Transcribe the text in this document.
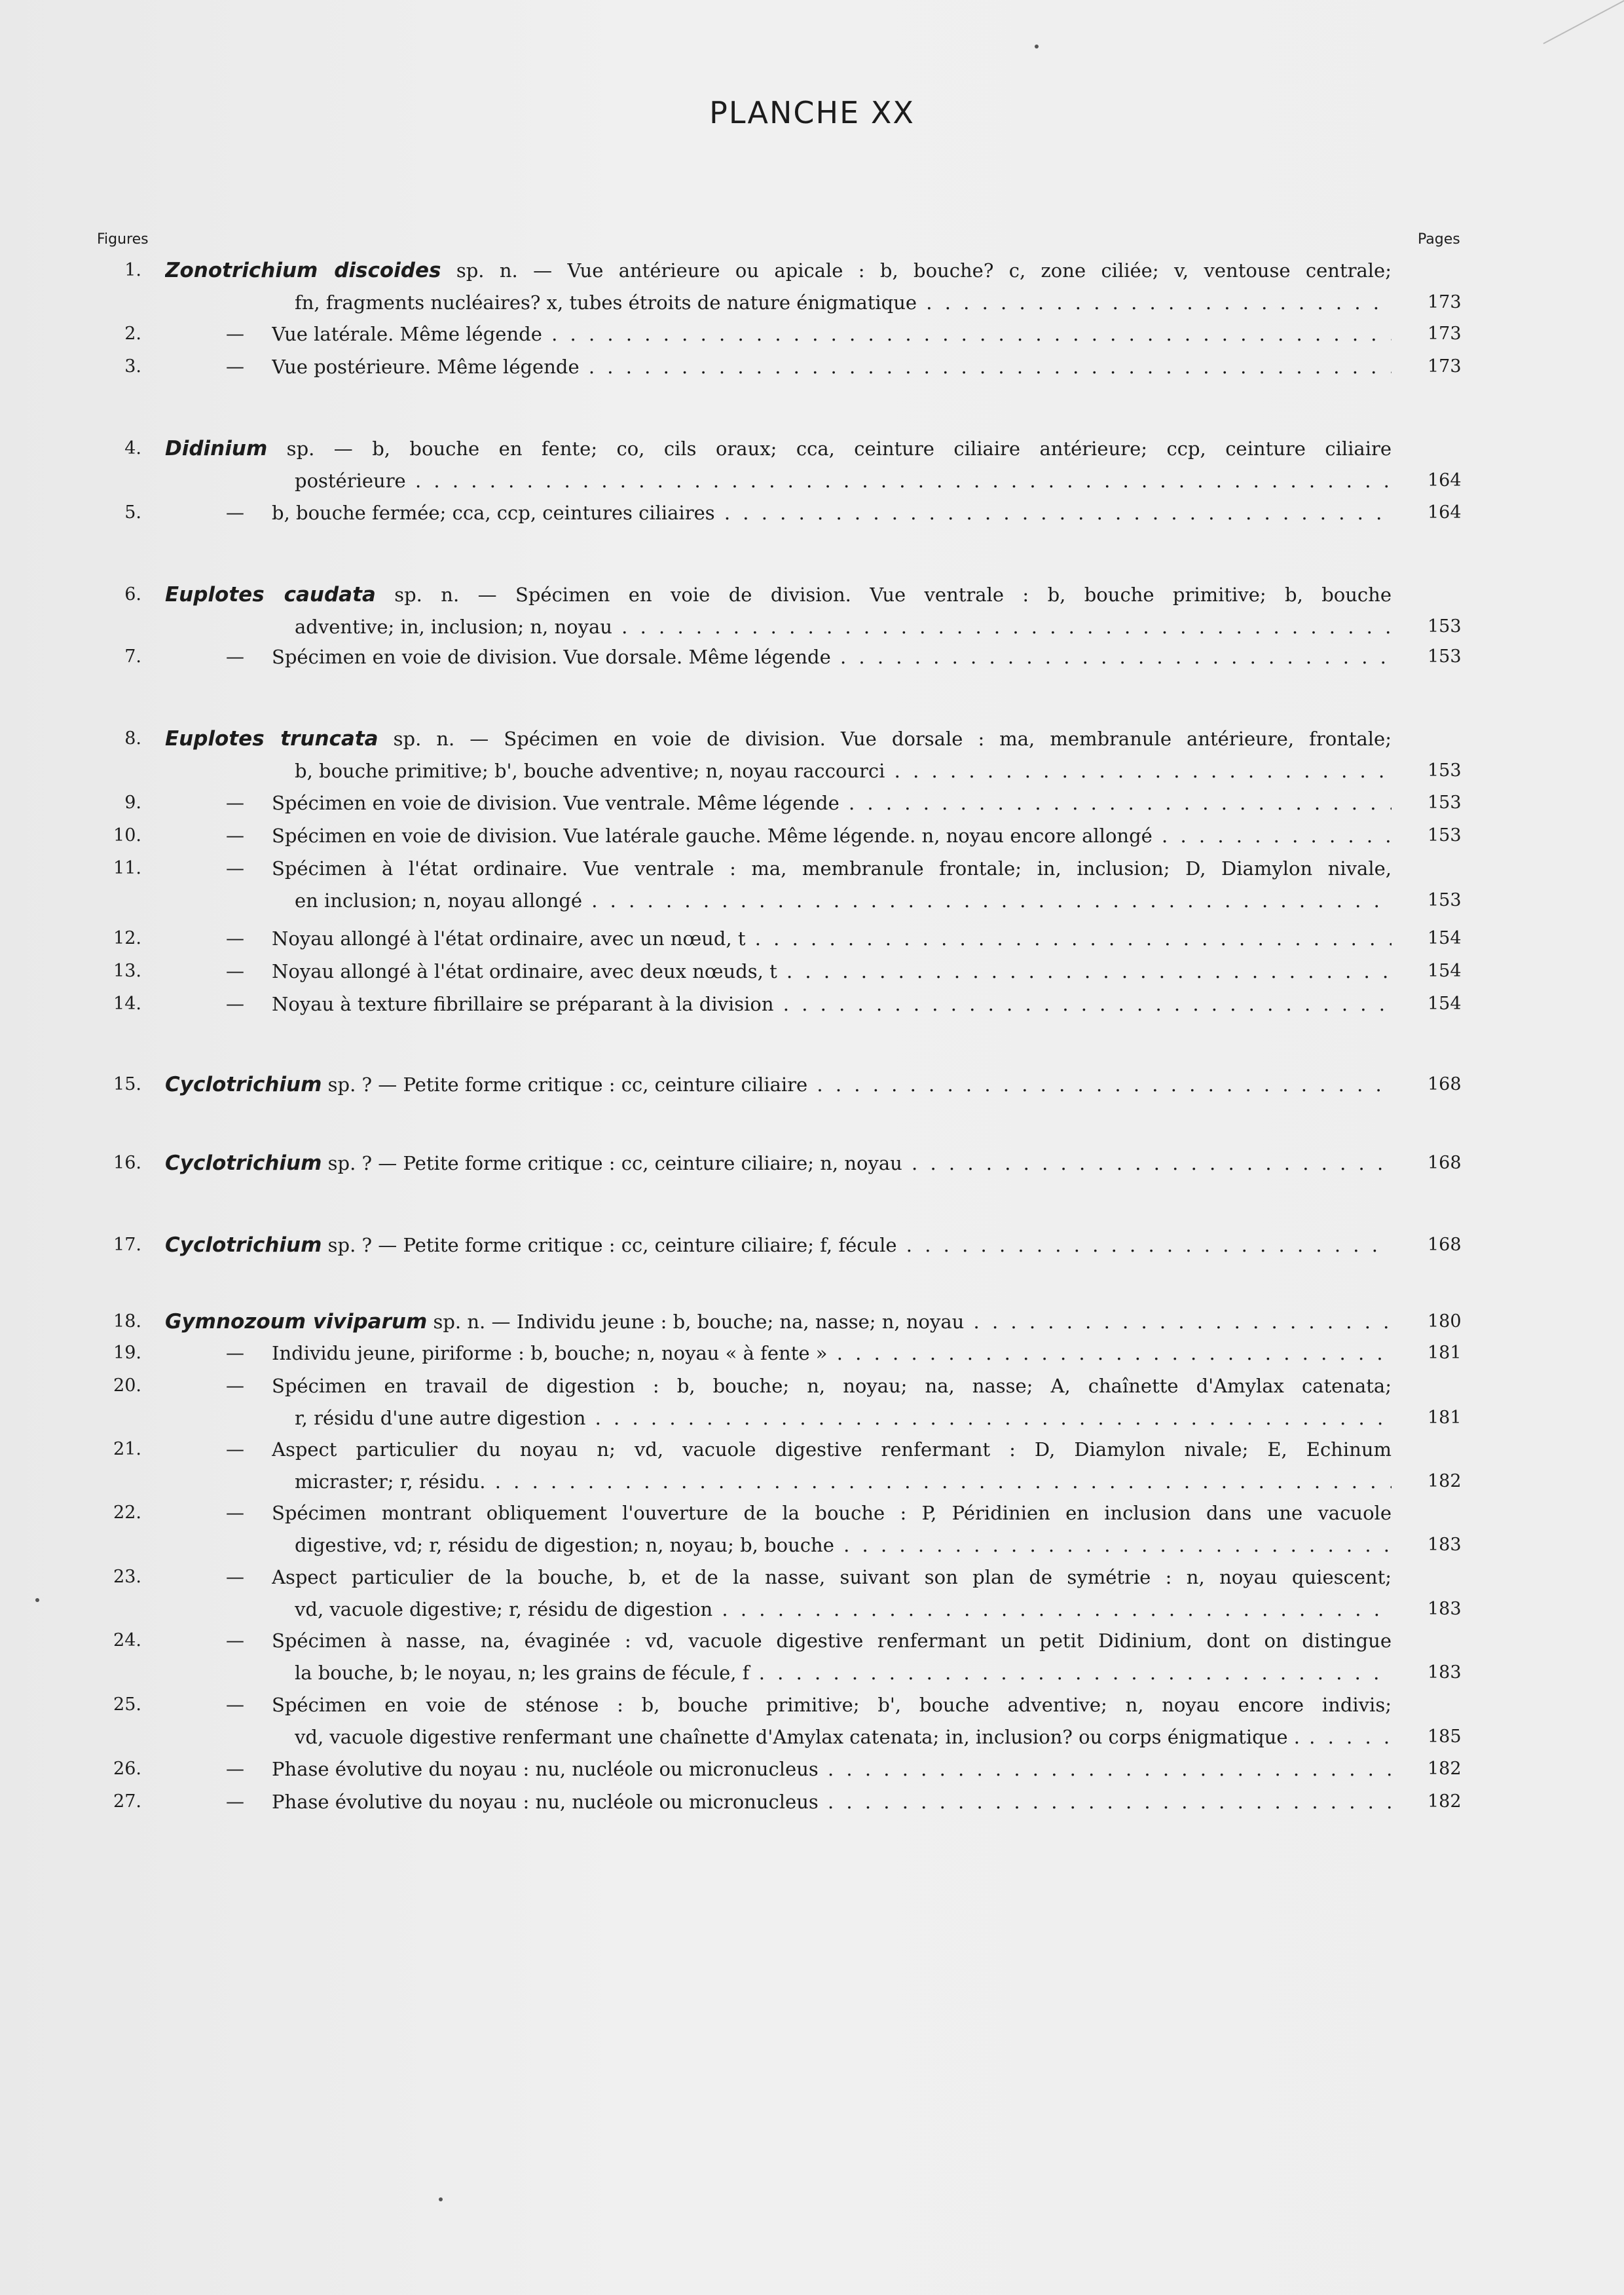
PLANCHE XX
Figures	Pages
1. Zonotrichium discoides sp. n. — Vue antérieure ou apicale : b, bouche? c, zone ciliée; v, ventouse centrale;
fn, fragments nucléaires? x, tubes étroits de nature énigmatique . . .	173
2.	— Vue latérale. Même légende . . .	173
3.	— Vue postérieure. Même légende . . .	173
4. Didinium sp. — b, bouche en fente; co, cils oraux; cca, ceinture ciliaire antérieure; ccp, ceinture ciliaire
postérieure . . .	164
5.	— b, bouche fermée; cca, ccp, ceintures ciliaires . . .	164
6. Euplotes caudata sp. n. — Spécimen en voie de division. Vue ventrale : b, bouche primitive; b, bouche
adventive; in, inclusion; n, noyau . . .	153
7.	— Spécimen en voie de division. Vue dorsale. Même légende . . .	153
8. Euplotes truncata sp. n. — Spécimen en voie de division. Vue dorsale : ma, membranule antérieure, frontale;
b, bouche primitive; b', bouche adventive; n, noyau raccourci . . .	153
9.	— Spécimen en voie de division. Vue ventrale. Même légende . . .	153
10.	— Spécimen en voie de division. Vue latérale gauche. Même légende. n, noyau encore allongé . . .	153
11.	— Spécimen à l'état ordinaire. Vue ventrale : ma, membranule frontale; in, inclusion; D, Diamylon nivale,
en inclusion; n, noyau allongé . . .	153
12.	— Noyau allongé à l'état ordinaire, avec un nœud, t . . .	154
13.	— Noyau allongé à l'état ordinaire, avec deux nœuds, t . . .	154
14.	— Noyau à texture fibrillaire se préparant à la division . . .	154
15. Cyclotrichium sp. ? — Petite forme critique : cc, ceinture ciliaire . . .	168
16. Cyclotrichium sp. ? — Petite forme critique : cc, ceinture ciliaire; n, noyau . . .	168
17. Cyclotrichium sp. ? — Petite forme critique : cc, ceinture ciliaire; f, fécule . . .	168
18. Gymnozoum viviparum sp. n. — Individu jeune : b, bouche; na, nasse; n, noyau . . .	180
19.	— Individu jeune, piriforme : b, bouche; n, noyau « à fente » . . .	181
20.	— Spécimen en travail de digestion : b, bouche; n, noyau; na, nasse; A, chaînette d'Amylax catenata;
r, résidu d'une autre digestion . . .	181
21.	— Aspect particulier du noyau n; vd, vacuole digestive renfermant : D, Diamylon nivale; E, Echinum
micraster; r, résidu. . . .	182
22.	— Spécimen montrant obliquement l'ouverture de la bouche : P, Péridinien en inclusion dans une vacuole
digestive, vd; r, résidu de digestion; n, noyau; b, bouche . . .	183
23.	— Aspect particulier de la bouche, b, et de la nasse, suivant son plan de symétrie : n, noyau quiescent;
vd, vacuole digestive; r, résidu de digestion . . .	183
24.	— Spécimen à nasse, na, évaginée : vd, vacuole digestive renfermant un petit Didinium, dont on distingue
la bouche, b; le noyau, n; les grains de fécule, f . . .	183
25.	— Spécimen en voie de sténose : b, bouche primitive; b', bouche adventive; n, noyau encore indivis;
vd, vacuole digestive renfermant une chaînette d'Amylax catenata; in, inclusion? ou corps énigmatique . . . .	185
26.	— Phase évolutive du noyau : nu, nucléole ou micronucleus . . .	182
27.	— Phase évolutive du noyau : nu, nucléole ou micronucleus . . .	182
